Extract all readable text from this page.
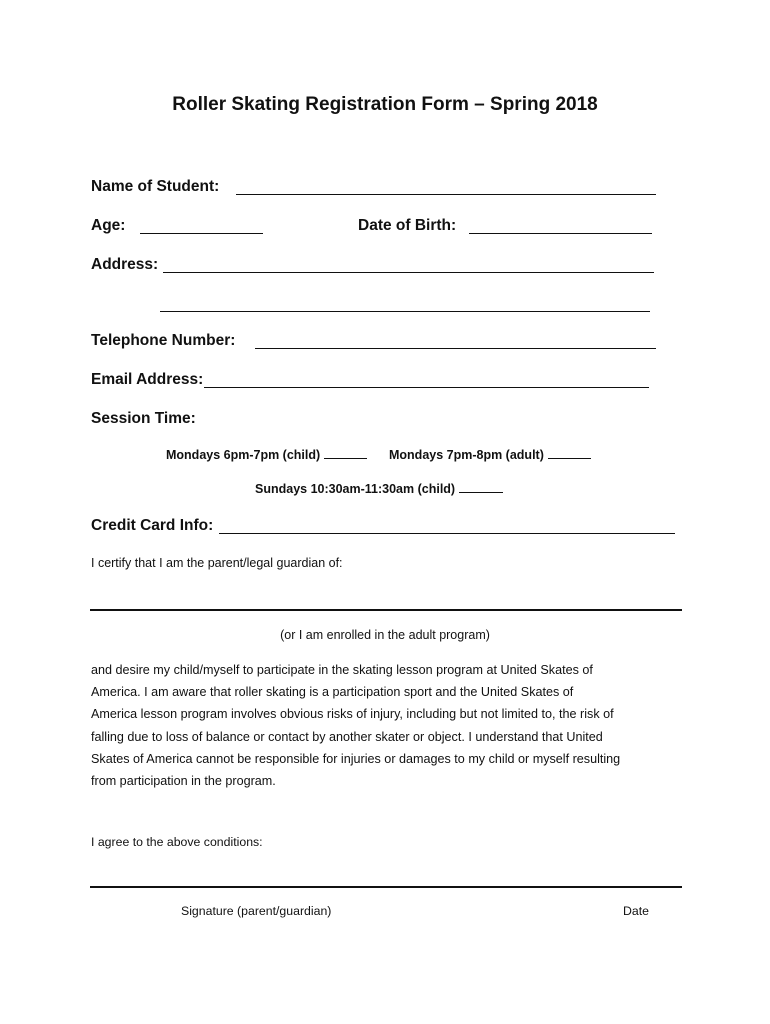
Roller Skating Registration Form – Spring 2018
Name of Student:
Age:	Date of Birth:
Address:
Telephone Number:
Email Address:
Session Time:
Mondays 6pm-7pm (child)	Mondays 7pm-8pm (adult)
Sundays 10:30am-11:30am (child)
Credit Card Info:
I certify that I am the parent/legal guardian of:
(or I am enrolled in the adult program)
and desire my child/myself to participate in the skating lesson program at United Skates of
America. I am aware that roller skating is a participation sport and the United Skates of
America lesson program involves obvious risks of injury, including but not limited to, the risk of
falling due to loss of balance or contact by another skater or object. I understand that United
Skates of America cannot be responsible for injuries or damages to my child or myself resulting
from participation in the program.
I agree to the above conditions:
Signature (parent/guardian)	Date
